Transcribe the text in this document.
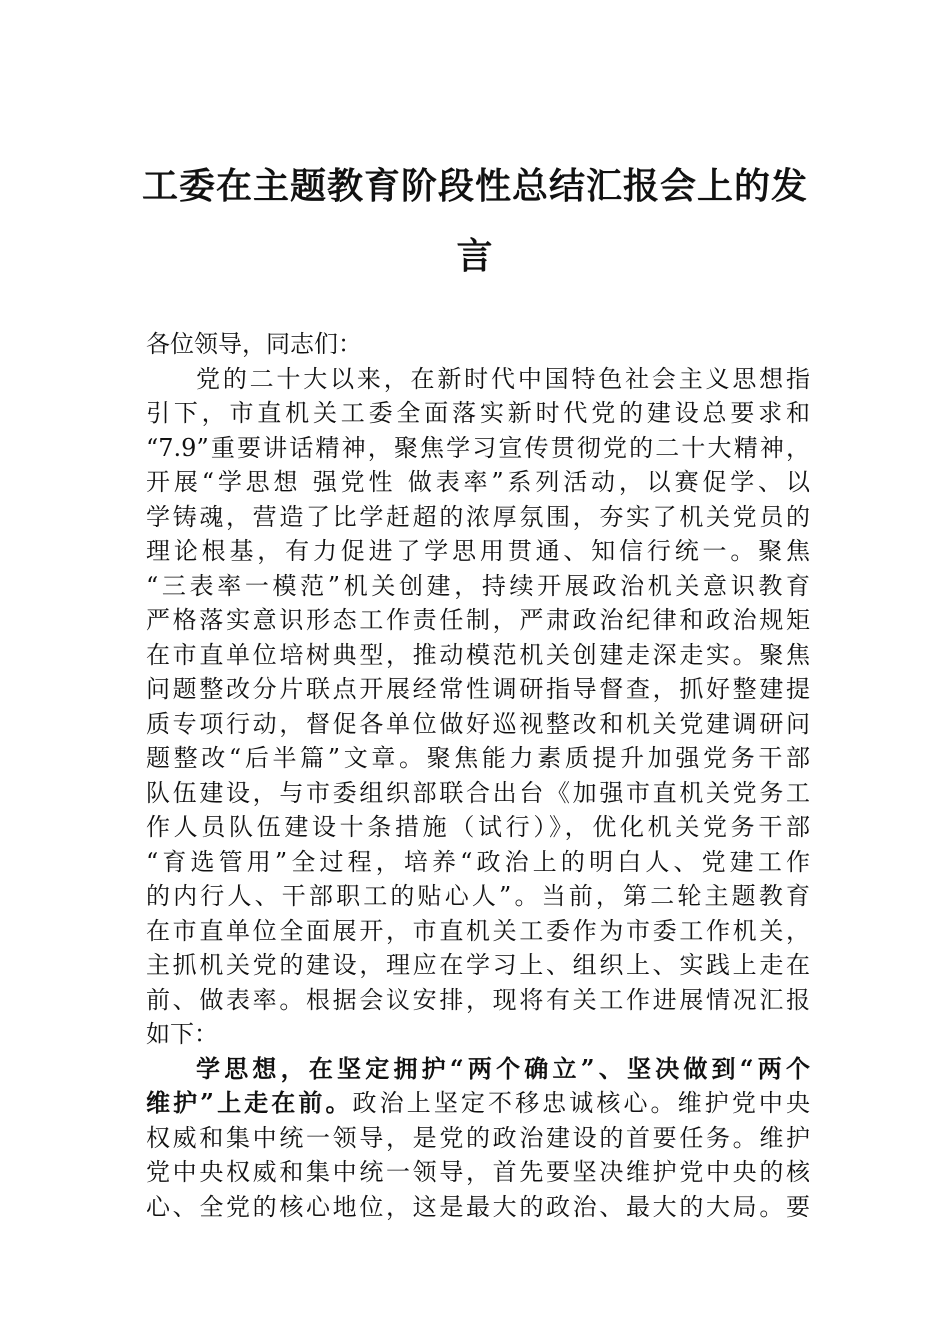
工委在主题教育阶段性总结汇报会上的发
言
各位领导，同志们：
党的二十大以来，在新时代中国特色社会主义思想指
引下，市直机关工委全面落实新时代党的建设总要求和
“7.9”重要讲话精神，聚焦学习宣传贯彻党的二十大精神，
开展“学思想 强党性 做表率”系列活动，以赛促学、以
学铸魂，营造了比学赶超的浓厚氛围，夯实了机关党员的
理论根基，有力促进了学思用贯通、知信行统一。聚焦
“三表率一模范”机关创建，持续开展政治机关意识教育
严格落实意识形态工作责任制，严肃政治纪律和政治规矩
在市直单位培树典型，推动模范机关创建走深走实。聚焦
问题整改分片联点开展经常性调研指导督查，抓好整建提
质专项行动，督促各单位做好巡视整改和机关党建调研问
题整改“后半篇”文章。聚焦能力素质提升加强党务干部
队伍建设，与市委组织部联合出台《加强市直机关党务工
作人员队伍建设十条措施（试行）》，优化机关党务干部
“育选管用”全过程，培养“政治上的明白人、党建工作
的内行人、干部职工的贴心人”。当前，第二轮主题教育
在市直单位全面展开，市直机关工委作为市委工作机关，
主抓机关党的建设，理应在学习上、组织上、实践上走在
前、做表率。根据会议安排，现将有关工作进展情况汇报
如下：
学思想，在坚定拥护“两个确立”、坚决做到“两个
维护”上走在前。政治上坚定不移忠诚核心。维护党中央
权威和集中统一领导，是党的政治建设的首要任务。维护
党中央权威和集中统一领导，首先要坚决维护党中央的核
心、全党的核心地位，这是最大的政治、最大的大局。要
